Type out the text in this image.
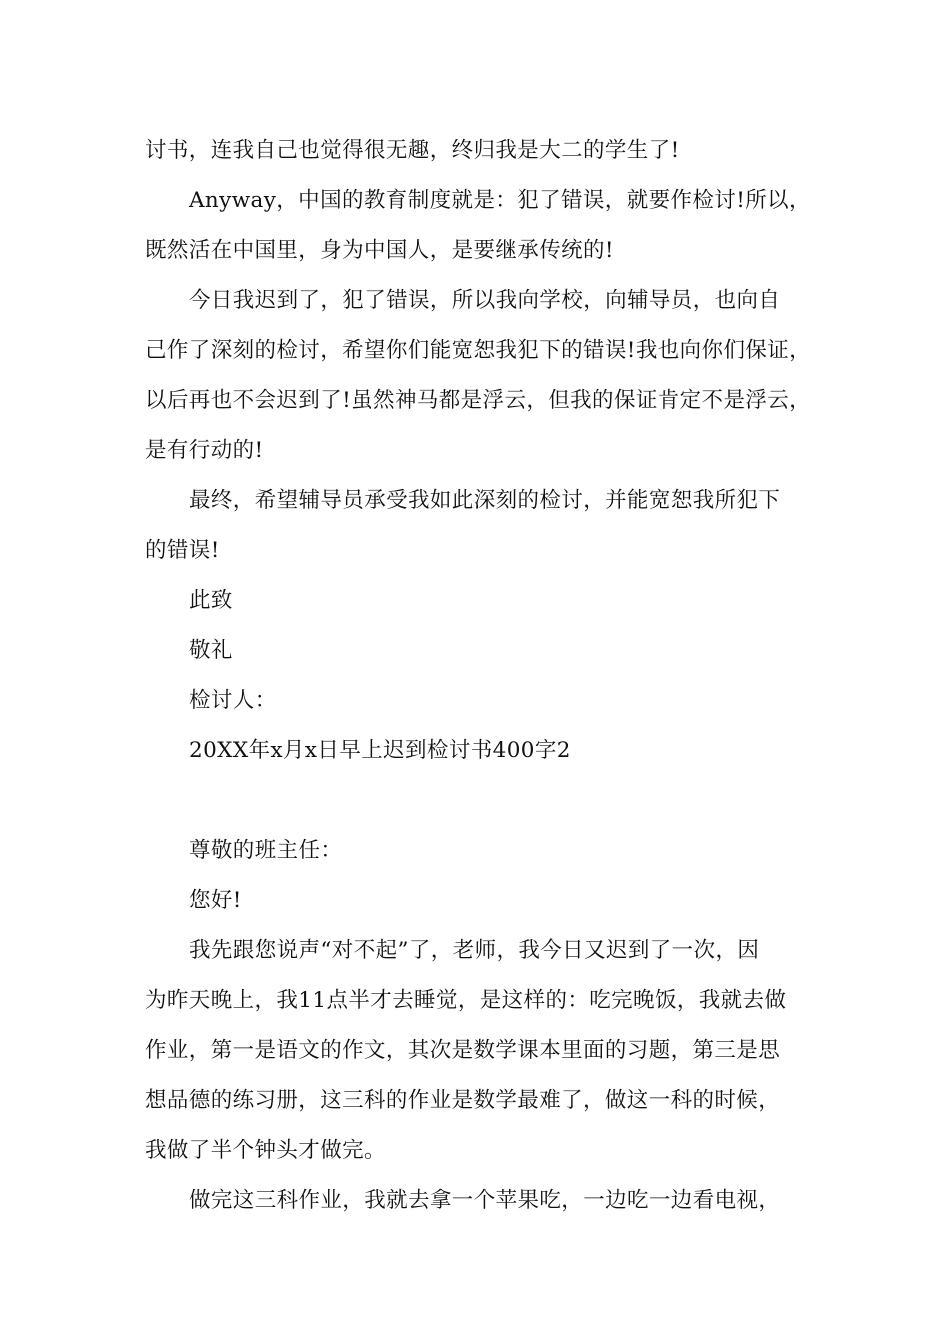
讨书，连我自己也觉得很无趣，终归我是大二的学生了!
Anyway，中国的教育制度就是：犯了错误，就要作检讨!所以，
既然活在中国里，身为中国人，是要继承传统的!
今日我迟到了，犯了错误，所以我向学校，向辅导员，也向自
己作了深刻的检讨，希望你们能宽恕我犯下的错误!我也向你们保证，
以后再也不会迟到了!虽然神马都是浮云，但我的保证肯定不是浮云，
是有行动的!
最终，希望辅导员承受我如此深刻的检讨，并能宽恕我所犯下
的错误!
此致
敬礼
检讨人：
20XX年x月x日早上迟到检讨书400字2
尊敬的班主任：
您好!
我先跟您说声“对不起”了，老师，我今日又迟到了一次，因
为昨天晚上，我11点半才去睡觉，是这样的：吃完晚饭，我就去做
作业，第一是语文的作文，其次是数学课本里面的习题，第三是思
想品德的练习册，这三科的作业是数学最难了，做这一科的时候，
我做了半个钟头才做完。
做完这三科作业，我就去拿一个苹果吃，一边吃一边看电视，
